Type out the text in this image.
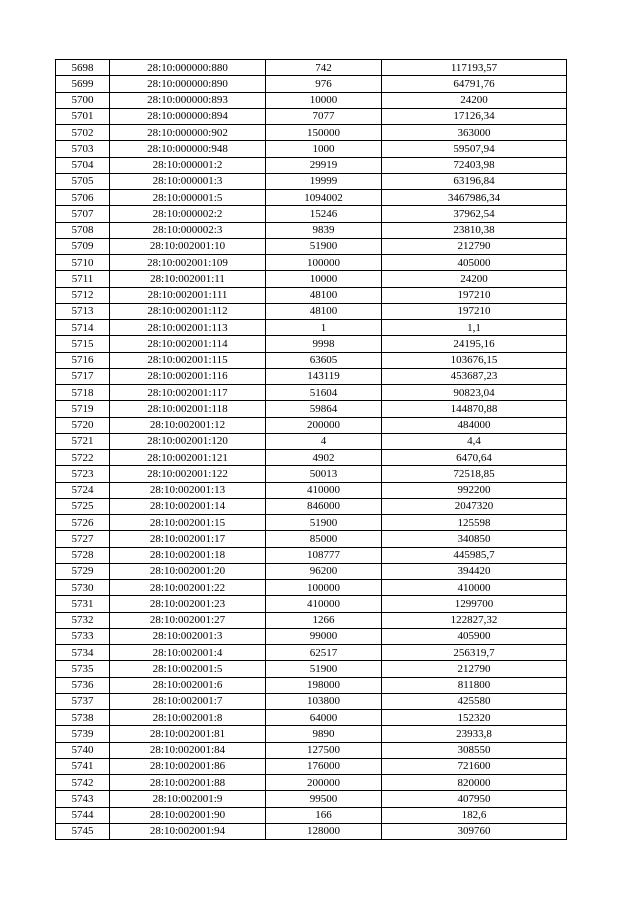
5698	28:10:000000:880	742	117193,57
5699	28:10:000000:890	976	64791,76
5700	28:10:000000:893	10000	24200
5701	28:10:000000:894	7077	17126,34
5702	28:10:000000:902	150000	363000
5703	28:10:000000:948	1000	59507,94
5704	28:10:000001:2	29919	72403,98
5705	28:10:000001:3	19999	63196,84
5706	28:10:000001:5	1094002	3467986,34
5707	28:10:000002:2	15246	37962,54
5708	28:10:000002:3	9839	23810,38
5709	28:10:002001:10	51900	212790
5710	28:10:002001:109	100000	405000
5711	28:10:002001:11	10000	24200
5712	28:10:002001:111	48100	197210
5713	28:10:002001:112	48100	197210
5714	28:10:002001:113	1	1,1
5715	28:10:002001:114	9998	24195,16
5716	28:10:002001:115	63605	103676,15
5717	28:10:002001:116	143119	453687,23
5718	28:10:002001:117	51604	90823,04
5719	28:10:002001:118	59864	144870,88
5720	28:10:002001:12	200000	484000
5721	28:10:002001:120	4	4,4
5722	28:10:002001:121	4902	6470,64
5723	28:10:002001:122	50013	72518,85
5724	28:10:002001:13	410000	992200
5725	28:10:002001:14	846000	2047320
5726	28:10:002001:15	51900	125598
5727	28:10:002001:17	85000	340850
5728	28:10:002001:18	108777	445985,7
5729	28:10:002001:20	96200	394420
5730	28:10:002001:22	100000	410000
5731	28:10:002001:23	410000	1299700
5732	28:10:002001:27	1266	122827,32
5733	28:10:002001:3	99000	405900
5734	28:10:002001:4	62517	256319,7
5735	28:10:002001:5	51900	212790
5736	28:10:002001:6	198000	811800
5737	28:10:002001:7	103800	425580
5738	28:10:002001:8	64000	152320
5739	28:10:002001:81	9890	23933,8
5740	28:10:002001:84	127500	308550
5741	28:10:002001:86	176000	721600
5742	28:10:002001:88	200000	820000
5743	28:10:002001:9	99500	407950
5744	28:10:002001:90	166	182,6
5745	28:10:002001:94	128000	309760
